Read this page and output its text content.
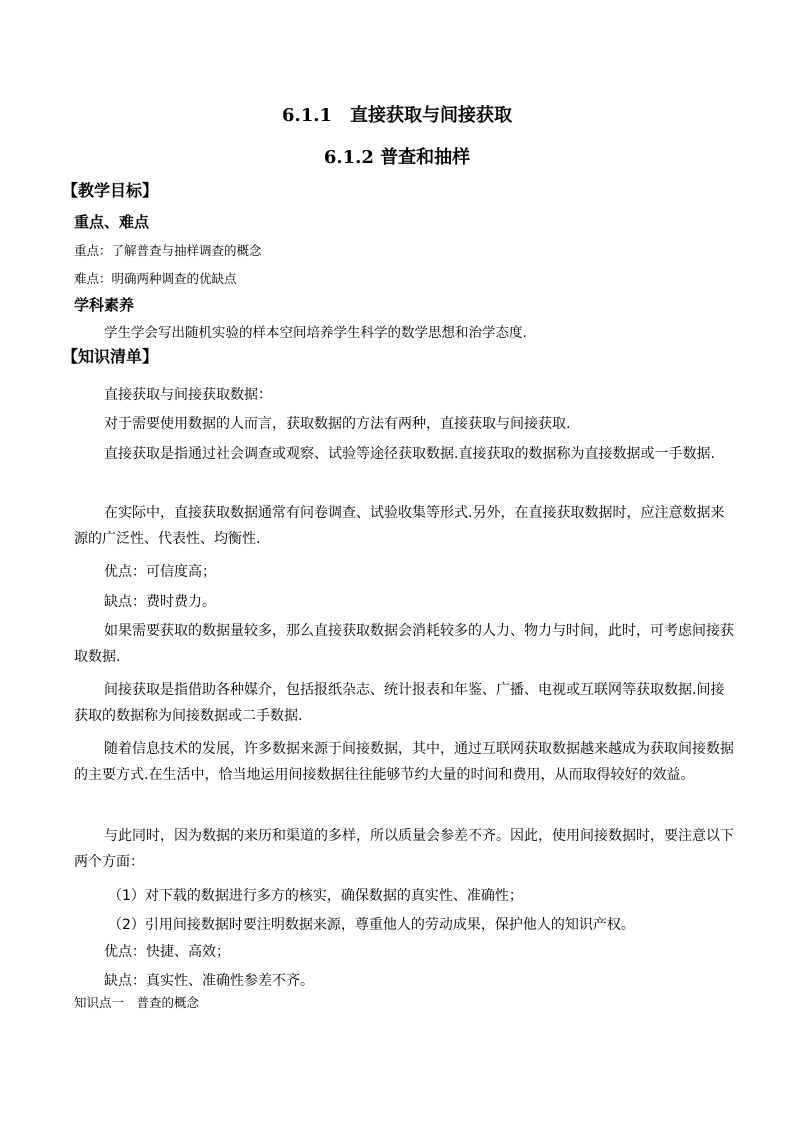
6.1.1　直接获取与间接获取
6.1.2 普查和抽样
【教学目标】
重点、难点
重点：了解普查与抽样调查的概念
难点：明确两种调查的优缺点
学科素养
学生学会写出随机实验的样本空间培养学生科学的数学思想和治学态度.
【知识清单】

直接获取与间接获取数据：

对于需要使用数据的人而言，获取数据的方法有两种，直接获取与间接获取.

直接获取是指通过社会调查或观察、试验等途径获取数据.直接获取的数据称为直接数据或一手数据.

在实际中，直接获取数据通常有问卷调查、试验收集等形式.另外，在直接获取数据时，应注意数据来源的广泛性、代表性、均衡性.

优点：可信度高；

缺点：费时费力。

如果需要获取的数据量较多，那么直接获取数据会消耗较多的人力、物力与时间，此时，可考虑间接获取数据.

间接获取是指借助各种媒介，包括报纸杂志、统计报表和年鉴、广播、电视或互联网等获取数据.间接获取的数据称为间接数据或二手数据.

随着信息技术的发展，许多数据来源于间接数据，其中，通过互联网获取数据越来越成为获取间接数据的主要方式.在生活中，恰当地运用间接数据往往能够节约大量的时间和费用，从而取得较好的效益。

与此同时，因为数据的来历和渠道的多样，所以质量会参差不齐。因此，使用间接数据时，要注意以下两个方面：

（1）对下载的数据进行多方的核实，确保数据的真实性、准确性；
（2）引用间接数据时要注明数据来源，尊重他人的劳动成果，保护他人的知识产权。

优点：快捷、高效；

缺点：真实性、准确性参差不齐。

知识点一　普查的概念
